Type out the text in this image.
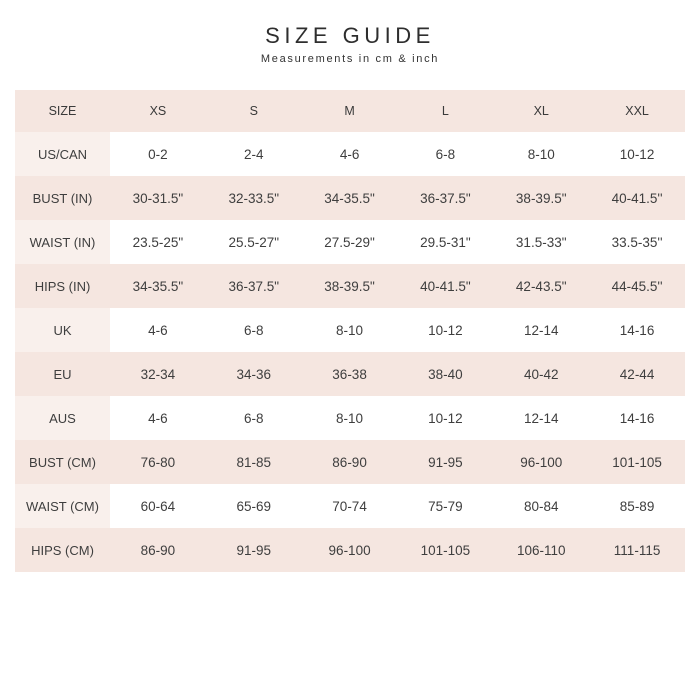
SIZE GUIDE
Measurements in cm & inch
SIZE	XS	S	M	L	XL	XXL
US/CAN	0-2	2-4	4-6	6-8	8-10	10-12
BUST (IN)	30-31.5"	32-33.5"	34-35.5"	36-37.5"	38-39.5"	40-41.5''
WAIST (IN)	23.5-25"	25.5-27"	27.5-29"	29.5-31"	31.5-33"	33.5-35''
HIPS (IN)	34-35.5"	36-37.5"	38-39.5"	40-41.5"	42-43.5"	44-45.5''
UK	4-6	6-8	8-10	10-12	12-14	14-16
EU	32-34	34-36	36-38	38-40	40-42	42-44
AUS	4-6	6-8	8-10	10-12	12-14	14-16
BUST (CM)	76-80	81-85	86-90	91-95	96-100	101-105
WAIST (CM)	60-64	65-69	70-74	75-79	80-84	85-89
HIPS (CM)	86-90	91-95	96-100	101-105	106-110	111-115
